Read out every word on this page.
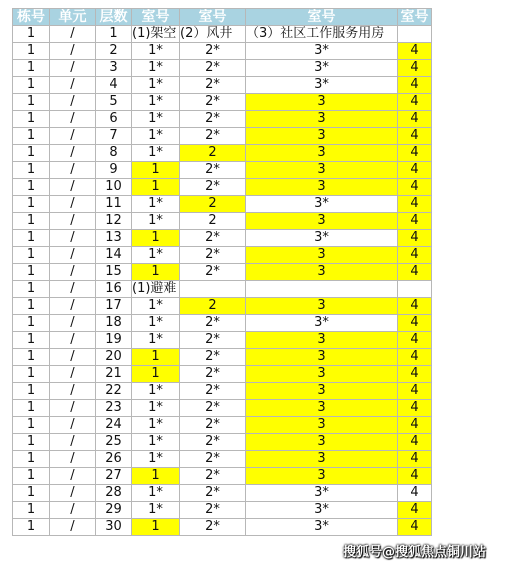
栋号	单元	层数	室号	室号	室号	室号
1	/	1	(1)架空	(2）风井	（3）社区工作服务用房	
1	/	2	1*	2*	3*	4
1	/	3	1*	2*	3*	4
1	/	4	1*	2*	3*	4
1	/	5	1*	2*	3	4
1	/	6	1*	2*	3	4
1	/	7	1*	2*	3	4
1	/	8	1*	2	3	4
1	/	9	1	2*	3	4
1	/	10	1	2*	3	4
1	/	11	1*	2	3*	4
1	/	12	1*	2	3	4
1	/	13	1	2*	3*	4
1	/	14	1*	2*	3	4
1	/	15	1	2*	3	4
1	/	16	(1)避难			
1	/	17	1*	2	3	4
1	/	18	1*	2*	3*	4
1	/	19	1*	2*	3	4
1	/	20	1	2*	3	4
1	/	21	1	2*	3	4
1	/	22	1*	2*	3	4
1	/	23	1*	2*	3	4
1	/	24	1*	2*	3	4
1	/	25	1*	2*	3	4
1	/	26	1*	2*	3	4
1	/	27	1	2*	3	4
1	/	28	1*	2*	3*	4
1	/	29	1*	2*	3*	4
1	/	30	1	2*	3*	4
搜狐号@搜狐焦点铜川站
